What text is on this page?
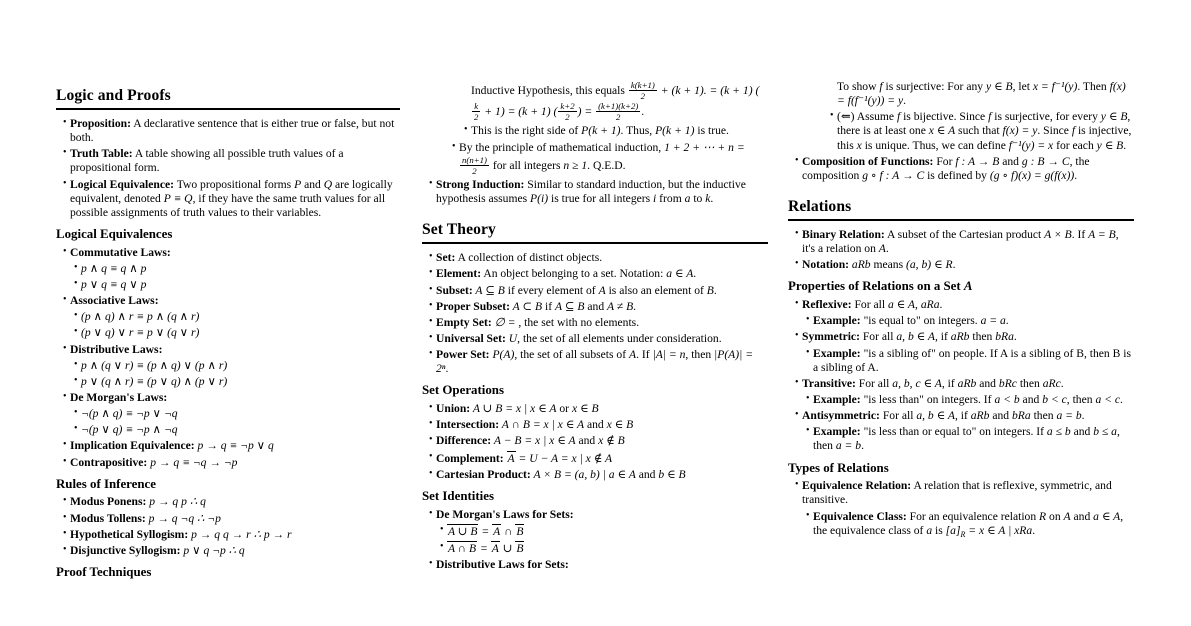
Logic and Proofs
• Proposition: A declarative sentence that is either true or false, but not both.
• Truth Table: A table showing all possible truth values of a propositional form.
• Logical Equivalence: Two propositional forms P and Q are logically equivalent, denoted P ≡ Q, if they have the same truth values for all possible assignments of truth values to their variables.
Logical Equivalences
• Commutative Laws:
• p ∧ q ≡ q ∧ p
• p ∨ q ≡ q ∨ p
• Associative Laws:
• (p ∧ q) ∧ r ≡ p ∧ (q ∧ r)
• (p ∨ q) ∨ r ≡ p ∨ (q ∨ r)
• Distributive Laws:
• p ∧ (q ∨ r) ≡ (p ∧ q) ∨ (p ∧ r)
• p ∨ (q ∧ r) ≡ (p ∨ q) ∧ (p ∨ r)
• De Morgan's Laws:
• ¬(p ∧ q) ≡ ¬p ∨ ¬q
• ¬(p ∨ q) ≡ ¬p ∧ ¬q
• Implication Equivalence: p → q ≡ ¬p ∨ q
• Contrapositive: p → q ≡ ¬q → ¬p
Rules of Inference
• Modus Ponens: p → q p ∴ q
• Modus Tollens: p → q ¬q ∴ ¬p
• Hypothetical Syllogism: p → q q → r ∴ p → r
• Disjunctive Syllogism: p ∨ q ¬p ∴ q
Proof Techniques
Inductive Hypothesis, this equals $\frac{k(k+1)}{2} + (k + 1)$. = (k + 1) (
$\frac{k}{2} + 1) = (k + 1)$ ( $\frac{k+2}{2}$ ) = $\frac{(k+1)(k+2)}{2}$ .
• This is the right side of P(k + 1). Thus, P(k + 1) is true.
• By the principle of mathematical induction, 1 + 2 + ⋯ + n =
$\frac{n(n+1)}{2}$ for all integers n ≥ 1. Q.E.D.
• Strong Induction: Similar to standard induction, but the inductive hypothesis assumes P(i) is true for all integers i from a to k.
Set Theory
• Set: A collection of distinct objects.
• Element: An object belonging to a set. Notation: a ∈ A.
• Subset: A ⊆ B if every element of A is also an element of B.
• Proper Subset: A ⊂ B if A ⊆ B and A ≠ B.
• Empty Set: ∅ = , the set with no elements.
• Universal Set: U, the set of all elements under consideration.
• Power Set: P(A), the set of all subsets of A. If |A| = n, then |P(A)| = 2ⁿ.
Set Operations
• Union: A ∪ B = x | x ∈ A or x ∈ B
• Intersection: A ∩ B = x | x ∈ A and x ∈ B
• Difference: A − B = x | x ∈ A and x ∉ B
• Complement: A = U − A = x | x ∉ A
• Cartesian Product: A × B = (a, b) | a ∈ A and b ∈ B
Set Identities
• De Morgan's Laws for Sets:
• A ∪ B = A ∩ B
• A ∩ B = A ∪ B
• Distributive Laws for Sets:
To show f is surjective: For any y ∈ B, let x = f⁻¹(y). Then f(x) = f(f⁻¹(y)) = y.
• (⇐) Assume f is bijective. Since f is surjective, for every y ∈ B, there is at least one x ∈ A such that f(x) = y. Since f is injective, this x is unique. Thus, we can define f⁻¹(y) = x for each y ∈ B.
• Composition of Functions: For f : A → B and g : B → C, the composition g ∘ f : A → C is defined by (g ∘ f)(x) = g(f(x)).
Relations
• Binary Relation: A subset of the Cartesian product A × B. If A = B, it's a relation on A.
• Notation: aRb means (a, b) ∈ R.
Properties of Relations on a Set A
• Reflexive: For all a ∈ A, aRa.
• Example: "is equal to" on integers. a = a.
• Symmetric: For all a, b ∈ A, if aRb then bRa.
• Example: "is a sibling of" on people. If A is a sibling of B, then B is a sibling of A.
• Transitive: For all a, b, c ∈ A, if aRb and bRc then aRc.
• Example: "is less than" on integers. If a < b and b < c, then a < c.
• Antisymmetric: For all a, b ∈ A, if aRb and bRa then a = b.
• Example: "is less than or equal to" on integers. If a ≤ b and b ≤ a, then a = b.
Types of Relations
• Equivalence Relation: A relation that is reflexive, symmetric, and transitive.
• Equivalence Class: For an equivalence relation R on A and a ∈ A, the equivalence class of a is $[a]_R = x$ ∈ A | xRa.
